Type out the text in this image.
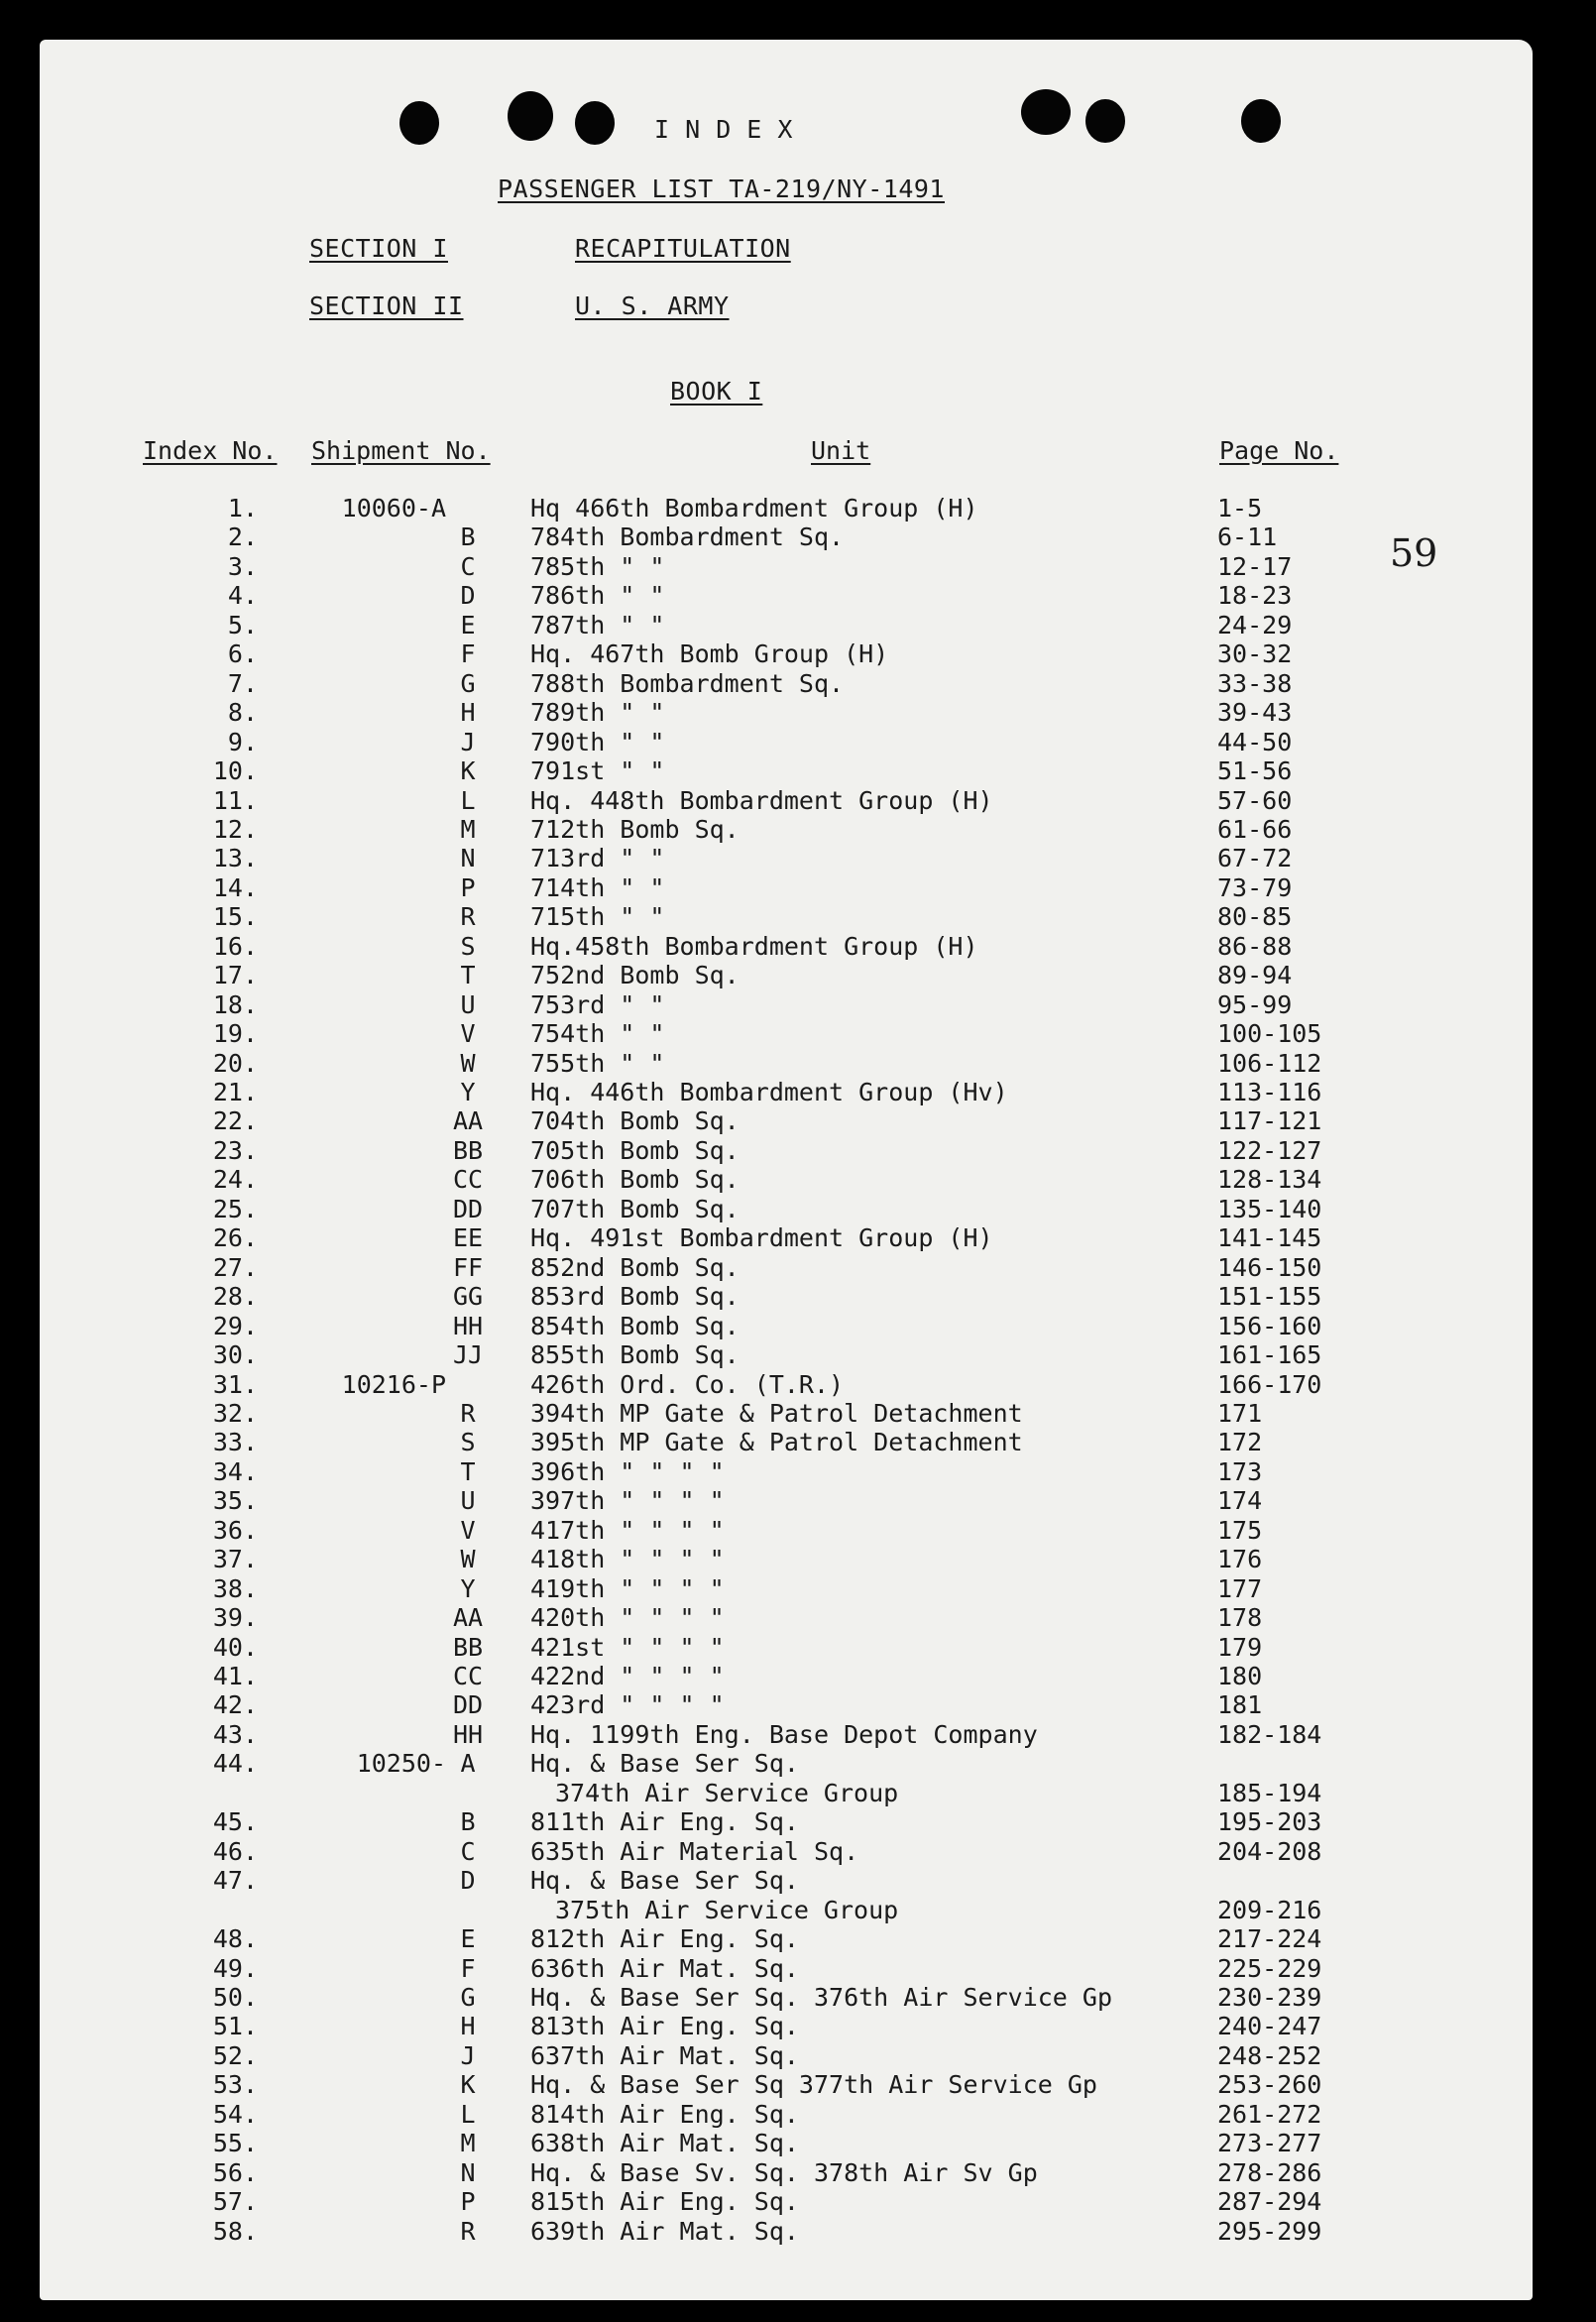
I N D E X
PASSENGER LIST TA-219/NY-1491
SECTION I	RECAPITULATION
SECTION II	U. S. ARMY
BOOK I
Index No. Shipment No.	Unit	Page No.
59
1.	10060-A	Hq 466th Bombardment Group (H)	1-5
2.	B	784th Bombardment Sq.	6-11
3.	C	785th " "	12-17
4.	D	786th " "	18-23
5.	E	787th " "	24-29
6.	F	Hq. 467th Bomb Group (H)	30-32
7.	G	788th Bombardment Sq.	33-38
8.	H	789th " "	39-43
9.	J	790th " "	44-50
10.	K	791st " "	51-56
11.	L	Hq. 448th Bombardment Group (H)	57-60
12.	M	712th Bomb Sq.	61-66
13.	N	713rd " "	67-72
14.	P	714th " "	73-79
15.	R	715th " "	80-85
16.	S	Hq.458th Bombardment Group (H)	86-88
17.	T	752nd Bomb Sq.	89-94
18.	U	753rd " "	95-99
19.	V	754th " "	100-105
20.	W	755th " "	106-112
21.	Y	Hq. 446th Bombardment Group (Hv)	113-116
22.	AA 704th Bomb Sq.	117-121
23.	BB 705th Bomb Sq.	122-127
24.	CC 706th Bomb Sq.	128-134
25.	DD 707th Bomb Sq.	135-140
26.	EE Hq. 491st Bombardment Group (H)	141-145
27.	FF 852nd Bomb Sq.	146-150
28.	GG 853rd Bomb Sq.	151-155
29.	HH 854th Bomb Sq.	156-160
30.	JJ 855th Bomb Sq.	161-165
31.	10216-P	426th Ord. Co. (T.R.)	166-170
32.	R	394th MP Gate & Patrol Detachment	171
33.	S	395th MP Gate & Patrol Detachment	172
34.	T	396th " " " "	173
35.	U	397th " " " "	174
36.	V	417th " " " "	175
37.	W	418th " " " "	176
38.	Y	419th " " " "	177
39.	AA 420th " " " "	178
40.	BB 421st " " " "	179
41.	CC 422nd " " " "	180
42.	DD 423rd " " " "	181
43.	HH Hq. 1199th Eng. Base Depot Company	182-184
44.	10250- A	Hq. & Base Ser Sq.
374th Air Service Group	185-194
45.	B	811th Air Eng. Sq.	195-203
46.	C	635th Air Material Sq.	204-208
47.	D	Hq. & Base Ser Sq.
375th Air Service Group	209-216
48.	E	812th Air Eng. Sq.	217-224
49.	F	636th Air Mat. Sq.	225-229
50.	G	Hq. & Base Ser Sq. 376th Air Service Gp	230-239
51.	H	813th Air Eng. Sq.	240-247
52.	J	637th Air Mat. Sq.	248-252
53.	K	Hq. & Base Ser Sq 377th Air Service Gp	253-260
54.	L	814th Air Eng. Sq.	261-272
55.	M	638th Air Mat. Sq.	273-277
56.	N	Hq. & Base Sv. Sq. 378th Air Sv Gp	278-286
57.	P	815th Air Eng. Sq.	287-294
58.	R	639th Air Mat. Sq.	295-299
